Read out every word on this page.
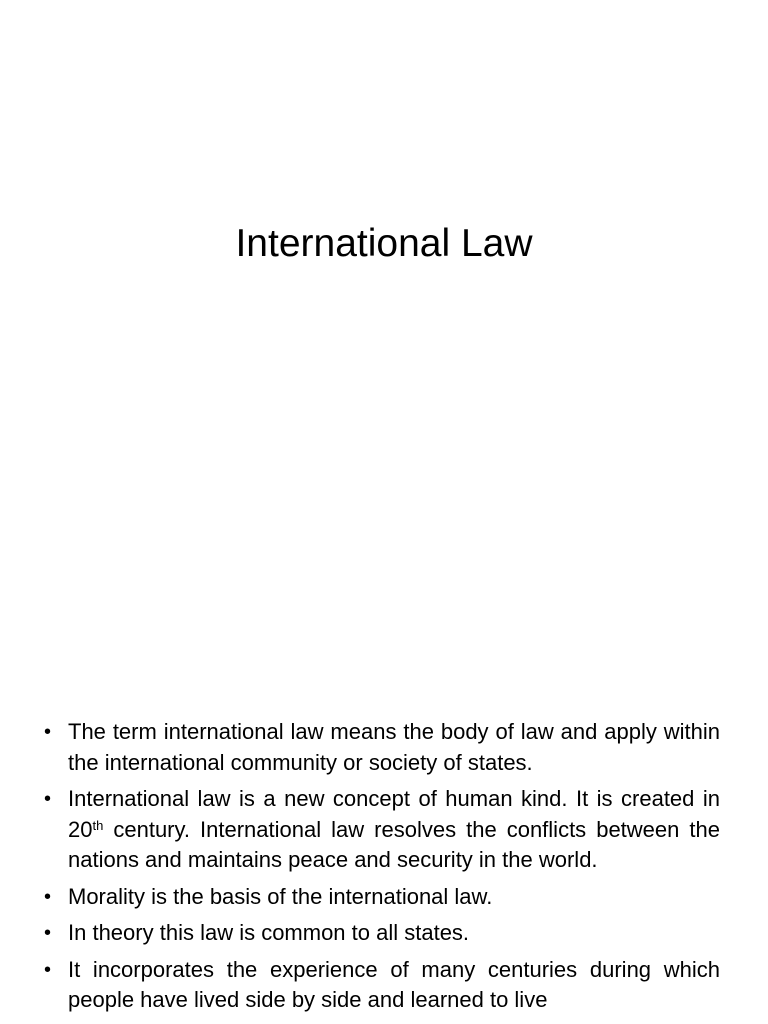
International Law
• The term international law means the body of law and apply within the international community or society of states.
• International law is a new concept of human kind. It is created in 20th century. International law resolves the conflicts between the nations and maintains peace and security in the world.
• Morality is the basis of the international law.
• In theory this law is common to all states.
• It incorporates the experience of many centuries during which people have lived side by side and learned to live
